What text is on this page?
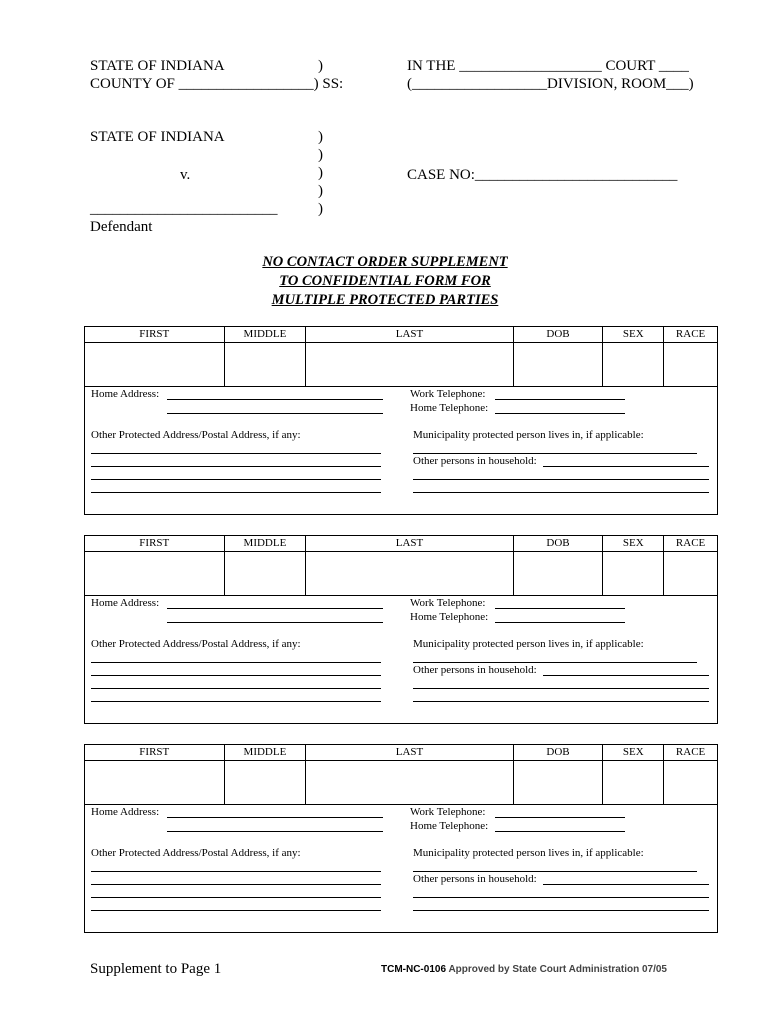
STATE OF INDIANA	)
COUNTY OF __________________) SS:
IN THE ___________________ COURT ____
(__________________DIVISION, ROOM___)
STATE OF INDIANA	)
)
)
)
)
v.	CASE NO:___________________________
_________________________
Defendant
NO CONTACT ORDER SUPPLEMENT
TO CONFIDENTIAL FORM FOR
MULTIPLE PROTECTED PARTIES
FIRST	MIDDLE	LAST	DOB	SEX	RACE
Home Address:	Work Telephone:
Home Telephone:
Other Protected Address/Postal Address, if any:	Municipality protected person lives in, if applicable:
Other persons in household:
FIRST	MIDDLE	LAST	DOB	SEX	RACE
Home Address:	Work Telephone:
Home Telephone:
Other Protected Address/Postal Address, if any:	Municipality protected person lives in, if applicable:
Other persons in household:
FIRST	MIDDLE	LAST	DOB	SEX	RACE
Home Address:	Work Telephone:
Home Telephone:
Other Protected Address/Postal Address, if any:	Municipality protected person lives in, if applicable:
Other persons in household:
Supplement to Page 1	TCM-NC-0106 Approved by State Court Administration 07/05
